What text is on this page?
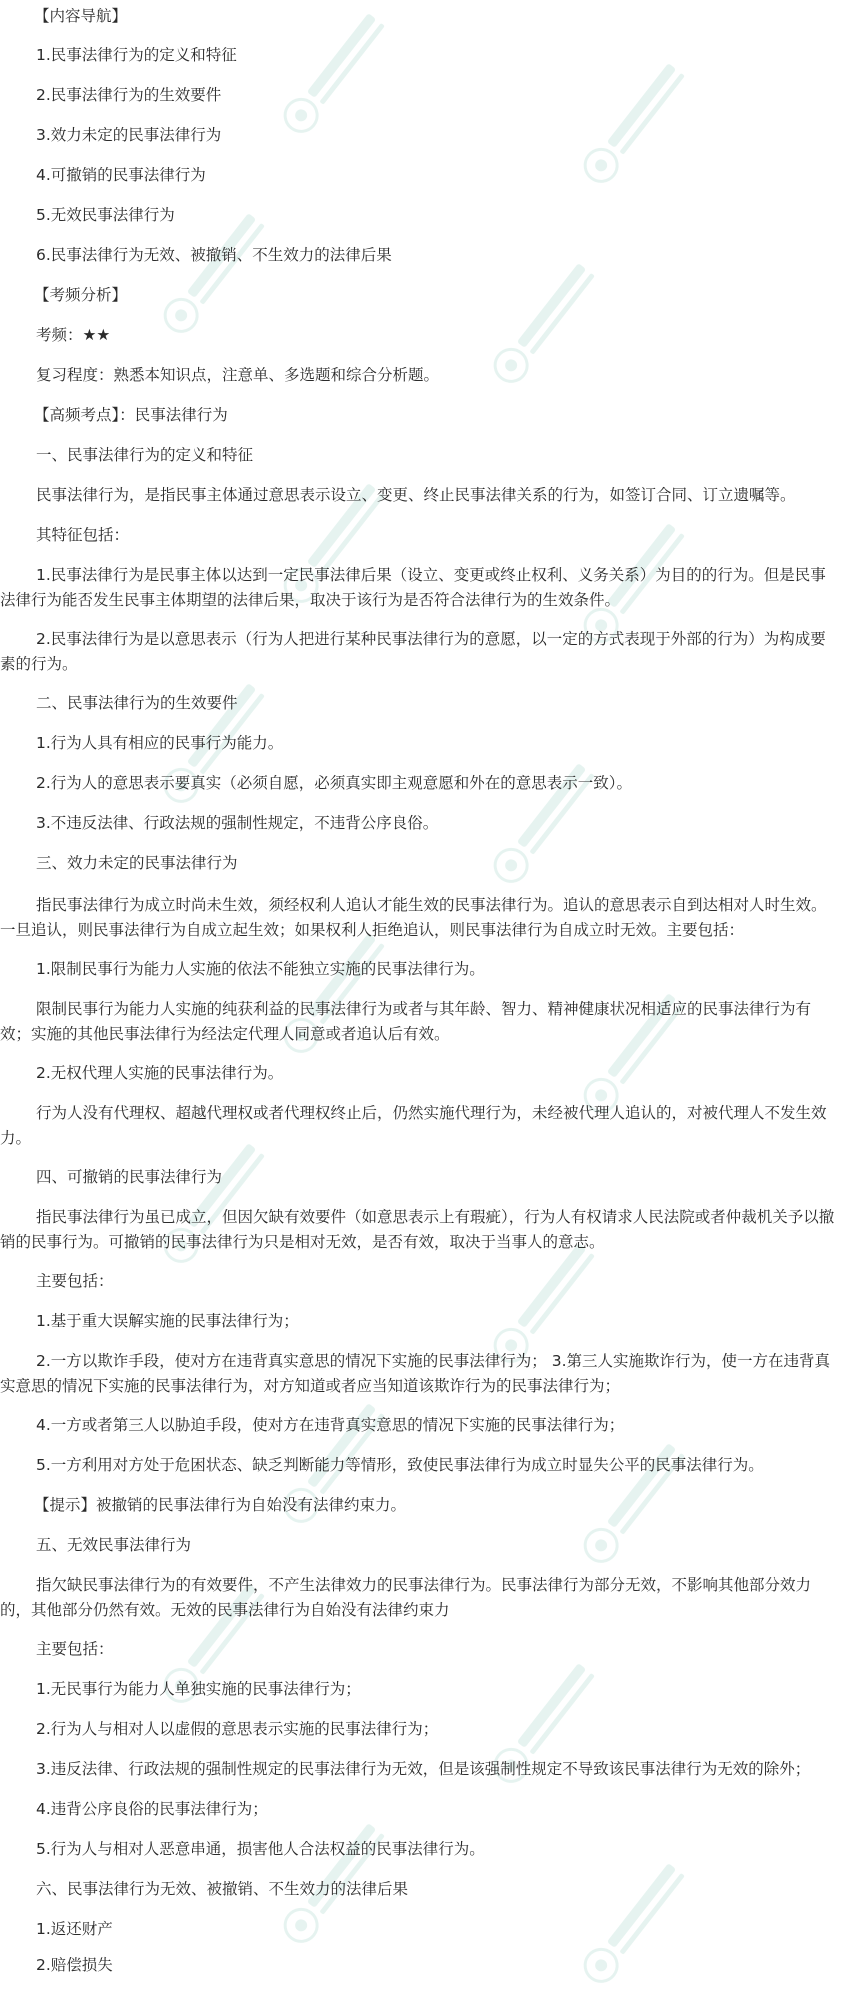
【内容导航】
1.民事法律行为的定义和特征
2.民事法律行为的生效要件
3.效力未定的民事法律行为
4.可撤销的民事法律行为
5.无效民事法律行为
6.民事法律行为无效、被撤销、不生效力的法律后果
【考频分析】
考频：★★
复习程度：熟悉本知识点，注意单、多选题和综合分析题。
【高频考点】：民事法律行为
一、民事法律行为的定义和特征
民事法律行为，是指民事主体通过意思表示设立、变更、终止民事法律关系的行为，如签订合同、订立遗嘱等。
其特征包括：
1.民事法律行为是民事主体以达到一定民事法律后果（设立、变更或终止权利、义务关系）为目的的行为。但是民事法律行为能否发生民事主体期望的法律后果，取决于该行为是否符合法律行为的生效条件。
2.民事法律行为是以意思表示（行为人把进行某种民事法律行为的意愿，以一定的方式表现于外部的行为）为构成要素的行为。
二、民事法律行为的生效要件
1.行为人具有相应的民事行为能力。
2.行为人的意思表示要真实（必须自愿，必须真实即主观意愿和外在的意思表示一致）。
3.不违反法律、行政法规的强制性规定，不违背公序良俗。
三、效力未定的民事法律行为
指民事法律行为成立时尚未生效，须经权利人追认才能生效的民事法律行为。追认的意思表示自到达相对人时生效。一旦追认，则民事法律行为自成立起生效；如果权利人拒绝追认，则民事法律行为自成立时无效。主要包括：
1.限制民事行为能力人实施的依法不能独立实施的民事法律行为。
限制民事行为能力人实施的纯获利益的民事法律行为或者与其年龄、智力、精神健康状况相适应的民事法律行为有效；实施的其他民事法律行为经法定代理人同意或者追认后有效。
2.无权代理人实施的民事法律行为。
行为人没有代理权、超越代理权或者代理权终止后，仍然实施代理行为，未经被代理人追认的，对被代理人不发生效力。
四、可撤销的民事法律行为
指民事法律行为虽已成立，但因欠缺有效要件（如意思表示上有瑕疵），行为人有权请求人民法院或者仲裁机关予以撤销的民事行为。可撤销的民事法律行为只是相对无效，是否有效，取决于当事人的意志。
主要包括：
1.基于重大误解实施的民事法律行为；
2.一方以欺诈手段，使对方在违背真实意思的情况下实施的民事法律行为； 3.第三人实施欺诈行为，使一方在违背真实意思的情况下实施的民事法律行为，对方知道或者应当知道该欺诈行为的民事法律行为；
4.一方或者第三人以胁迫手段，使对方在违背真实意思的情况下实施的民事法律行为；
5.一方利用对方处于危困状态、缺乏判断能力等情形，致使民事法律行为成立时显失公平的民事法律行为。
【提示】被撤销的民事法律行为自始没有法律约束力。
五、无效民事法律行为
指欠缺民事法律行为的有效要件，不产生法律效力的民事法律行为。民事法律行为部分无效，不影响其他部分效力的，其他部分仍然有效。无效的民事法律行为自始没有法律约束力
主要包括：
1.无民事行为能力人单独实施的民事法律行为；
2.行为人与相对人以虚假的意思表示实施的民事法律行为；
3.违反法律、行政法规的强制性规定的民事法律行为无效，但是该强制性规定不导致该民事法律行为无效的除外；
4.违背公序良俗的民事法律行为；
5.行为人与相对人恶意串通，损害他人合法权益的民事法律行为。
六、民事法律行为无效、被撤销、不生效力的法律后果
1.返还财产
2.赔偿损失
